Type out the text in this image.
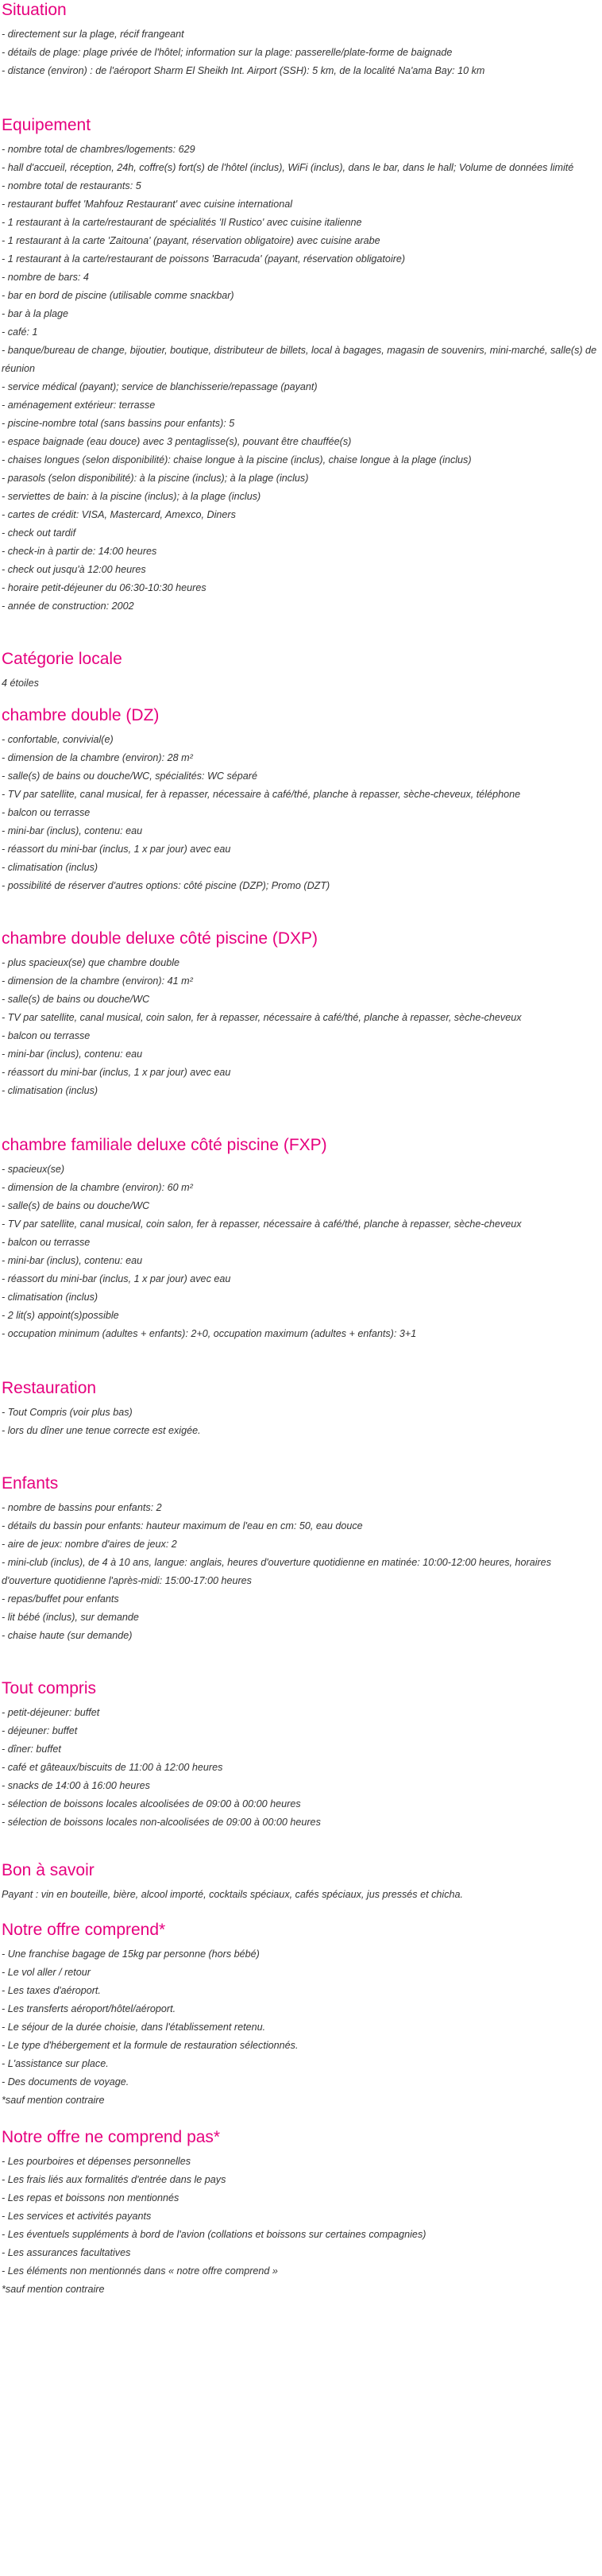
Situation
- directement sur la plage, récif frangeant
- détails de plage: plage privée de l'hôtel; information sur la plage: passerelle/plate-forme de baignade
- distance (environ) : de l'aéroport Sharm El Sheikh Int. Airport (SSH): 5 km, de la localité Na'ama Bay: 10 km
Equipement
- nombre total de chambres/logements: 629
- hall d'accueil, réception, 24h, coffre(s) fort(s) de l'hôtel (inclus), WiFi (inclus), dans le bar, dans le hall; Volume de données limité
- nombre total de restaurants: 5
- restaurant buffet 'Mahfouz Restaurant' avec cuisine international
- 1 restaurant à la carte/restaurant de spécialités 'Il Rustico' avec cuisine italienne
- 1 restaurant à la carte 'Zaitouna' (payant, réservation obligatoire) avec cuisine arabe
- 1 restaurant à la carte/restaurant de poissons 'Barracuda' (payant, réservation obligatoire)
- nombre de bars: 4
- bar en bord de piscine (utilisable comme snackbar)
- bar à la plage
- café: 1
- banque/bureau de change, bijoutier, boutique, distributeur de billets, local à bagages, magasin de souvenirs, mini-marché, salle(s) de réunion
- service médical (payant); service de blanchisserie/repassage (payant)
- aménagement extérieur: terrasse
- piscine-nombre total (sans bassins pour enfants): 5
- espace baignade (eau douce) avec 3 pentaglisse(s), pouvant être chauffée(s)
- chaises longues (selon disponibilité): chaise longue à la piscine (inclus), chaise longue à la plage (inclus)
- parasols (selon disponibilité): à la piscine (inclus); à la plage (inclus)
- serviettes de bain: à la piscine (inclus); à la plage (inclus)
- cartes de crédit: VISA, Mastercard, Amexco, Diners
- check out tardif
- check-in à partir de: 14:00 heures
- check out jusqu'à 12:00 heures
- horaire petit-déjeuner du 06:30-10:30 heures
- année de construction: 2002
Catégorie locale
4 étoiles
chambre double (DZ)
- confortable, convivial(e)
- dimension de la chambre (environ): 28 m²
- salle(s) de bains ou douche/WC, spécialités: WC séparé
- TV par satellite, canal musical, fer à repasser, nécessaire à café/thé, planche à repasser, sèche-cheveux, téléphone
- balcon ou terrasse
- mini-bar (inclus), contenu: eau
- réassort du mini-bar (inclus, 1 x par jour) avec eau
- climatisation (inclus)
- possibilité de réserver d'autres options: côté piscine (DZP); Promo (DZT)
chambre double deluxe côté piscine (DXP)
- plus spacieux(se) que chambre double
- dimension de la chambre (environ): 41 m²
- salle(s) de bains ou douche/WC
- TV par satellite, canal musical, coin salon, fer à repasser, nécessaire à café/thé, planche à repasser, sèche-cheveux
- balcon ou terrasse
- mini-bar (inclus), contenu: eau
- réassort du mini-bar (inclus, 1 x par jour) avec eau
- climatisation (inclus)
chambre familiale deluxe côté piscine (FXP)
- spacieux(se)
- dimension de la chambre (environ): 60 m²
- salle(s) de bains ou douche/WC
- TV par satellite, canal musical, coin salon, fer à repasser, nécessaire à café/thé, planche à repasser, sèche-cheveux
- balcon ou terrasse
- mini-bar (inclus), contenu: eau
- réassort du mini-bar (inclus, 1 x par jour) avec eau
- climatisation (inclus)
- 2 lit(s) appoint(s)possible
- occupation minimum (adultes + enfants): 2+0, occupation maximum (adultes + enfants): 3+1
Restauration
- Tout Compris (voir plus bas)
- lors du dîner une tenue correcte est exigée.
Enfants
- nombre de bassins pour enfants: 2
- détails du bassin pour enfants: hauteur maximum de l'eau en cm: 50, eau douce
- aire de jeux: nombre d'aires de jeux: 2
- mini-club (inclus), de 4 à 10 ans, langue: anglais, heures d'ouverture quotidienne en matinée: 10:00-12:00 heures, horaires d'ouverture quotidienne l'après-midi: 15:00-17:00 heures
- repas/buffet pour enfants
- lit bébé (inclus), sur demande
- chaise haute (sur demande)
Tout compris
- petit-déjeuner: buffet
- déjeuner: buffet
- dîner: buffet
- café et gâteaux/biscuits de 11:00 à 12:00 heures
- snacks de 14:00 à 16:00 heures
- sélection de boissons locales alcoolisées de 09:00 à 00:00 heures
- sélection de boissons locales non-alcoolisées de 09:00 à 00:00 heures
Bon à savoir
Payant : vin en bouteille, bière, alcool importé, cocktails spéciaux, cafés spéciaux, jus pressés et chicha.
Notre offre comprend*
- Une franchise bagage de 15kg par personne (hors bébé)
- Le vol aller / retour
- Les taxes d'aéroport.
- Les transferts aéroport/hôtel/aéroport.
- Le séjour de la durée choisie, dans l'établissement retenu.
- Le type d'hébergement et la formule de restauration sélectionnés.
- L'assistance sur place.
- Des documents de voyage.
*sauf mention contraire
Notre offre ne comprend pas*
- Les pourboires et dépenses personnelles
- Les frais liés aux formalités d'entrée dans le pays
- Les repas et boissons non mentionnés
- Les services et activités payants
- Les éventuels suppléments à bord de l'avion (collations et boissons sur certaines compagnies)
- Les assurances facultatives
- Les éléments non mentionnés dans « notre offre comprend »
*sauf mention contraire
